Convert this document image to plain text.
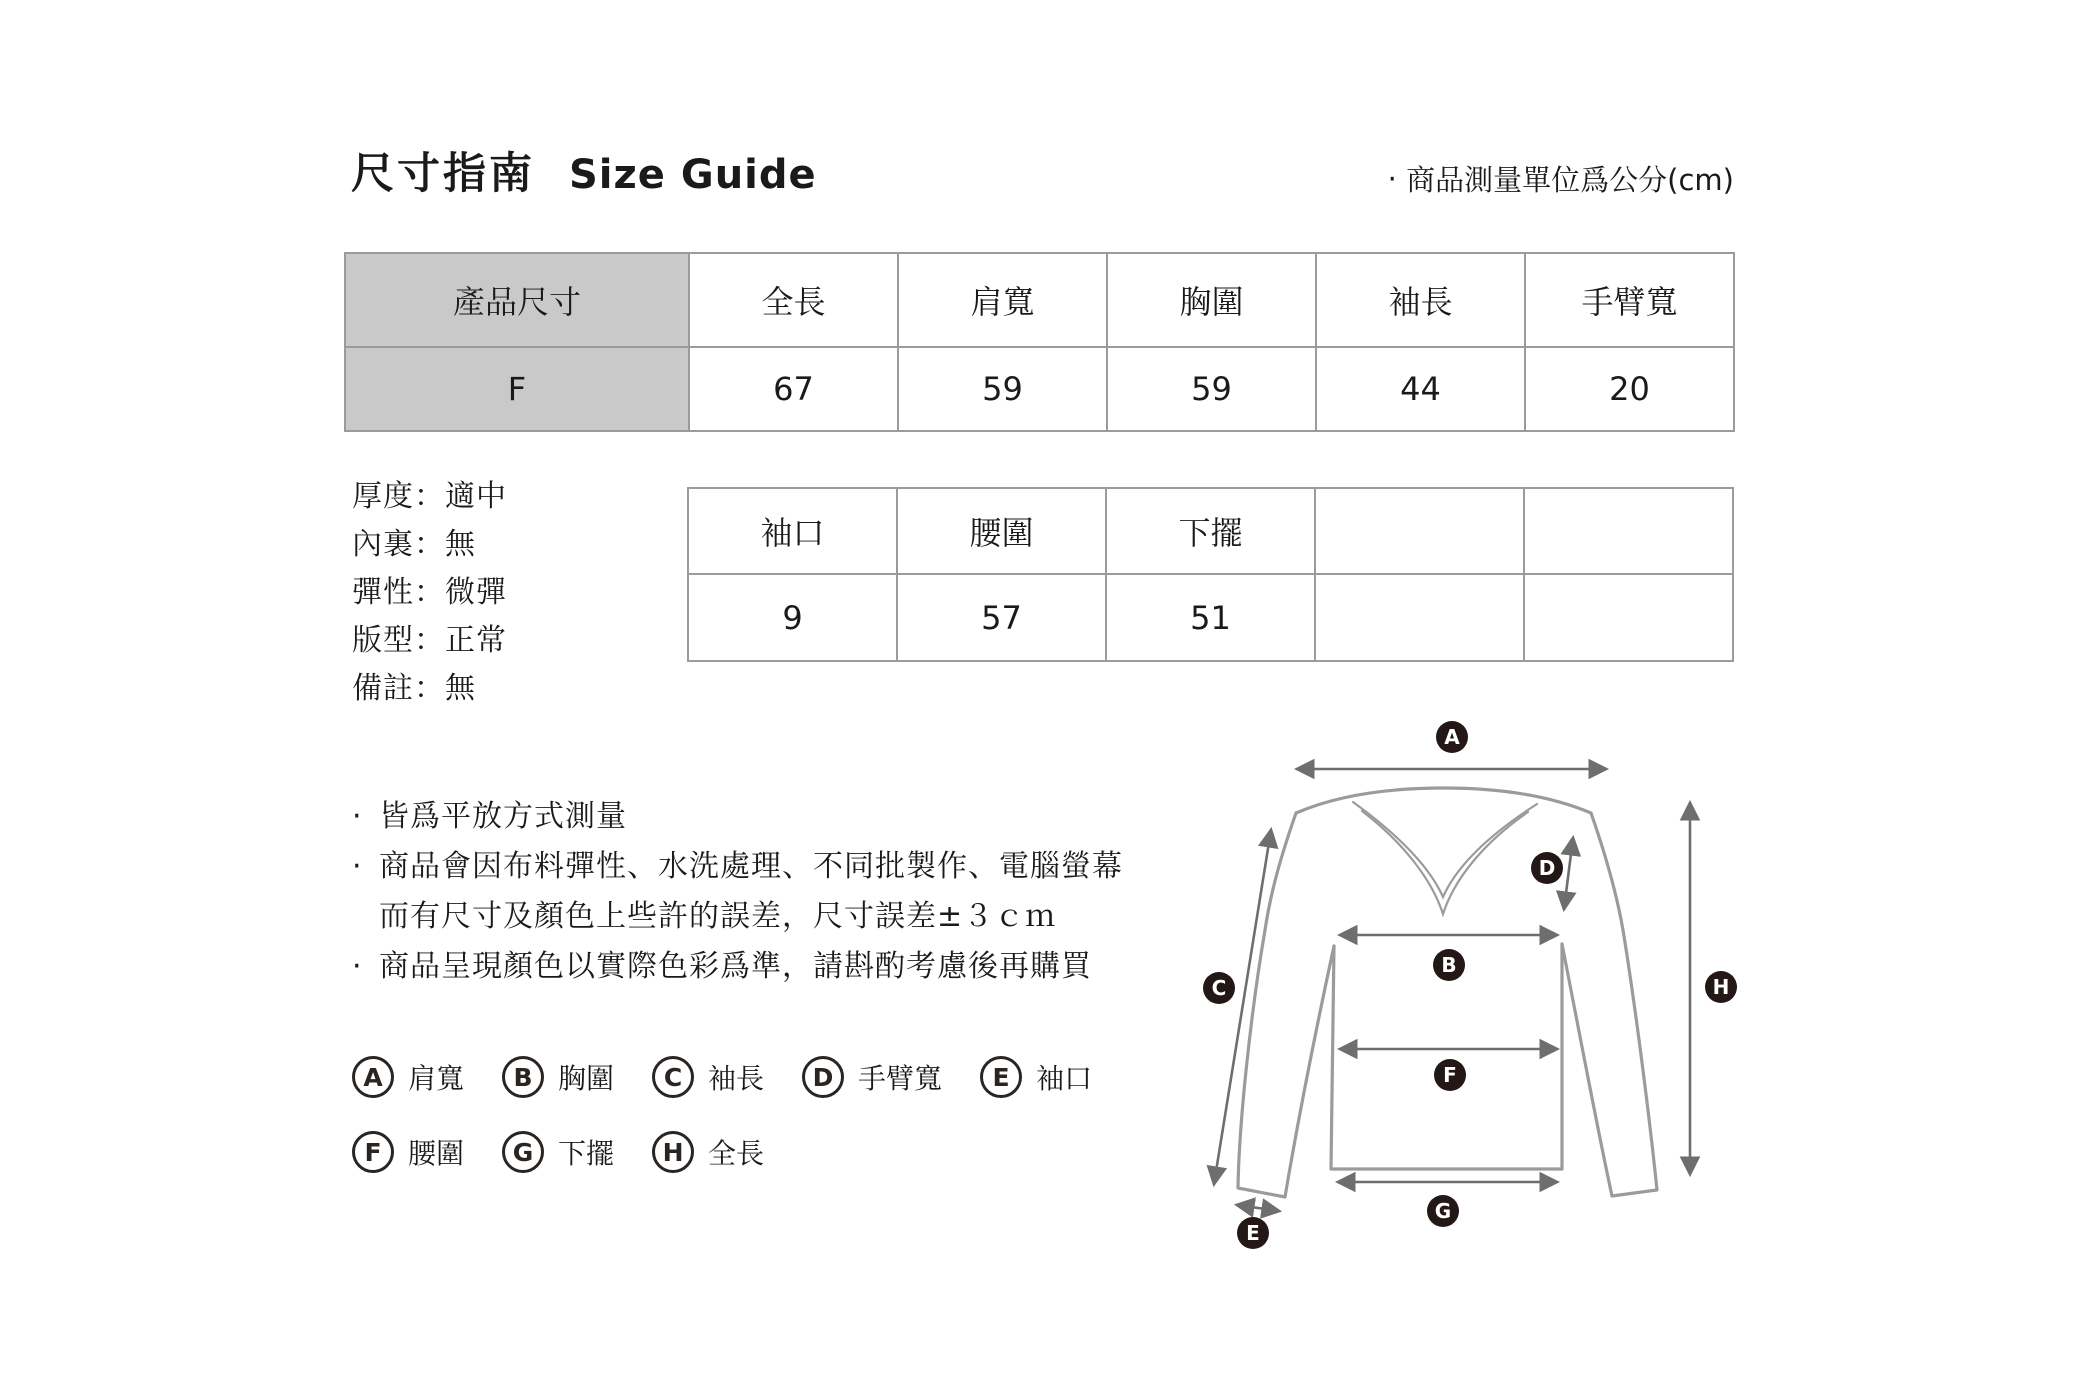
尺寸指南 Size Guide	· 商品測量單位爲公分(cm)
產品尺寸	全長	肩寬	胸圍	袖長	手臂寬
F	67	59	59	44	20
袖口	腰圍	下擺		
9	57	51		
厚度：適中
內裏：無
彈性：微彈
版型：正常
備註：無
· 皆爲平放方式測量
· 商品會因布料彈性、水洗處理、不同批製作、電腦螢幕
而有尺寸及顏色上些許的誤差，尺寸誤差±３ｃｍ
· 商品呈現顏色以實際色彩爲準，請斟酌考慮後再購買
A 肩寬	B 胸圍	C 袖長	D 手臂寬	E 袖口
F 腰圍	G 下擺	H 全長
A
B
C
D
E
F
G
H
